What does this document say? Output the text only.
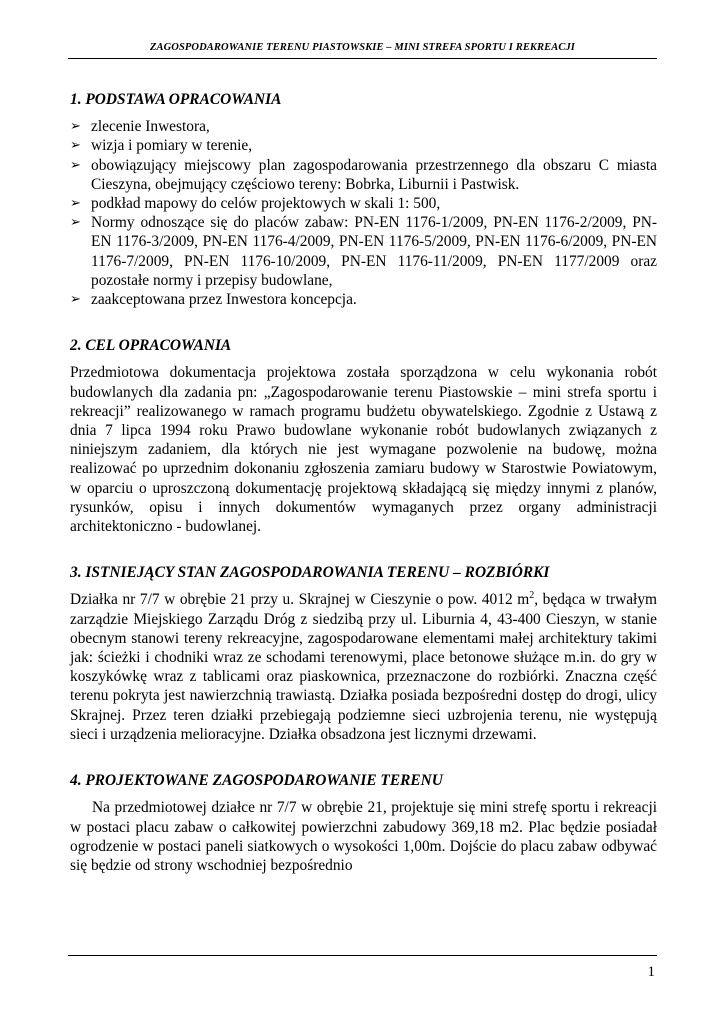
ZAGOSPODAROWANIE TERENU PIASTOWSKIE – MINI STREFA SPORTU I REKREACJI
1. PODSTAWA OPRACOWANIA
➢ zlecenie Inwestora,
➢ wizja i pomiary w terenie,
➢ obowiązujący miejscowy plan zagospodarowania przestrzennego dla obszaru C miasta Cieszyna, obejmujący częściowo tereny: Bobrka, Liburnii i Pastwisk.
➢ podkład mapowy do celów projektowych w skali 1: 500,
➢ Normy odnoszące się do placów zabaw: PN-EN 1176-1/2009, PN-EN 1176-2/2009, PN-EN 1176-3/2009, PN-EN 1176-4/2009, PN-EN 1176-5/2009, PN-EN 1176-6/2009, PN-EN 1176-7/2009, PN-EN 1176-10/2009, PN-EN 1176-11/2009, PN-EN 1177/2009 oraz pozostałe normy i przepisy budowlane,
➢ zaakceptowana przez Inwestora koncepcja.
2. CEL OPRACOWANIA

Przedmiotowa dokumentacja projektowa została sporządzona w celu wykonania robót budowlanych dla zadania pn: „Zagospodarowanie terenu Piastowskie – mini strefa sportu i rekreacji” realizowanego w ramach programu budżetu obywatelskiego. Zgodnie z Ustawą z dnia 7 lipca 1994 roku Prawo budowlane wykonanie robót budowlanych związanych z niniejszym zadaniem, dla których nie jest wymagane pozwolenie na budowę, można realizować po uprzednim dokonaniu zgłoszenia zamiaru budowy w Starostwie Powiatowym, w oparciu o uproszczoną dokumentację projektową składającą się między innymi z planów, rysunków, opisu i innych dokumentów wymaganych przez organy administracji architektoniczno - budowlanej.

3. ISTNIEJĄCY STAN ZAGOSPODAROWANIA TERENU – ROZBIÓRKI

Działka nr 7/7 w obrębie 21 przy u. Skrajnej w Cieszynie o pow. 4012 $m^2$, będąca w trwałym zarządzie Miejskiego Zarządu Dróg z siedzibą przy ul. Liburnia 4, 43-400 Cieszyn, w stanie obecnym stanowi tereny rekreacyjne, zagospodarowane elementami małej architektury takimi jak: ścieżki i chodniki wraz ze schodami terenowymi, place betonowe służące m.in. do gry w koszykówkę wraz z tablicami oraz piaskownica, przeznaczone do rozbiórki. Znaczna część terenu pokryta jest nawierzchnią trawiastą. Działka posiada bezpośredni dostęp do drogi, ulicy Skrajnej. Przez teren działki przebiegają podziemne sieci uzbrojenia terenu, nie występują sieci i urządzenia melioracyjne. Działka obsadzona jest licznymi drzewami.

4. PROJEKTOWANE ZAGOSPODAROWANIE TERENU

Na przedmiotowej działce nr 7/7 w obrębie 21, projektuje się mini strefę sportu i rekreacji w postaci placu zabaw o całkowitej powierzchni zabudowy 369,18 m2. Plac będzie posiadał ogrodzenie w postaci paneli siatkowych o wysokości 1,00m. Dojście do placu zabaw odbywać się będzie od strony wschodniej bezpośrednio

1
